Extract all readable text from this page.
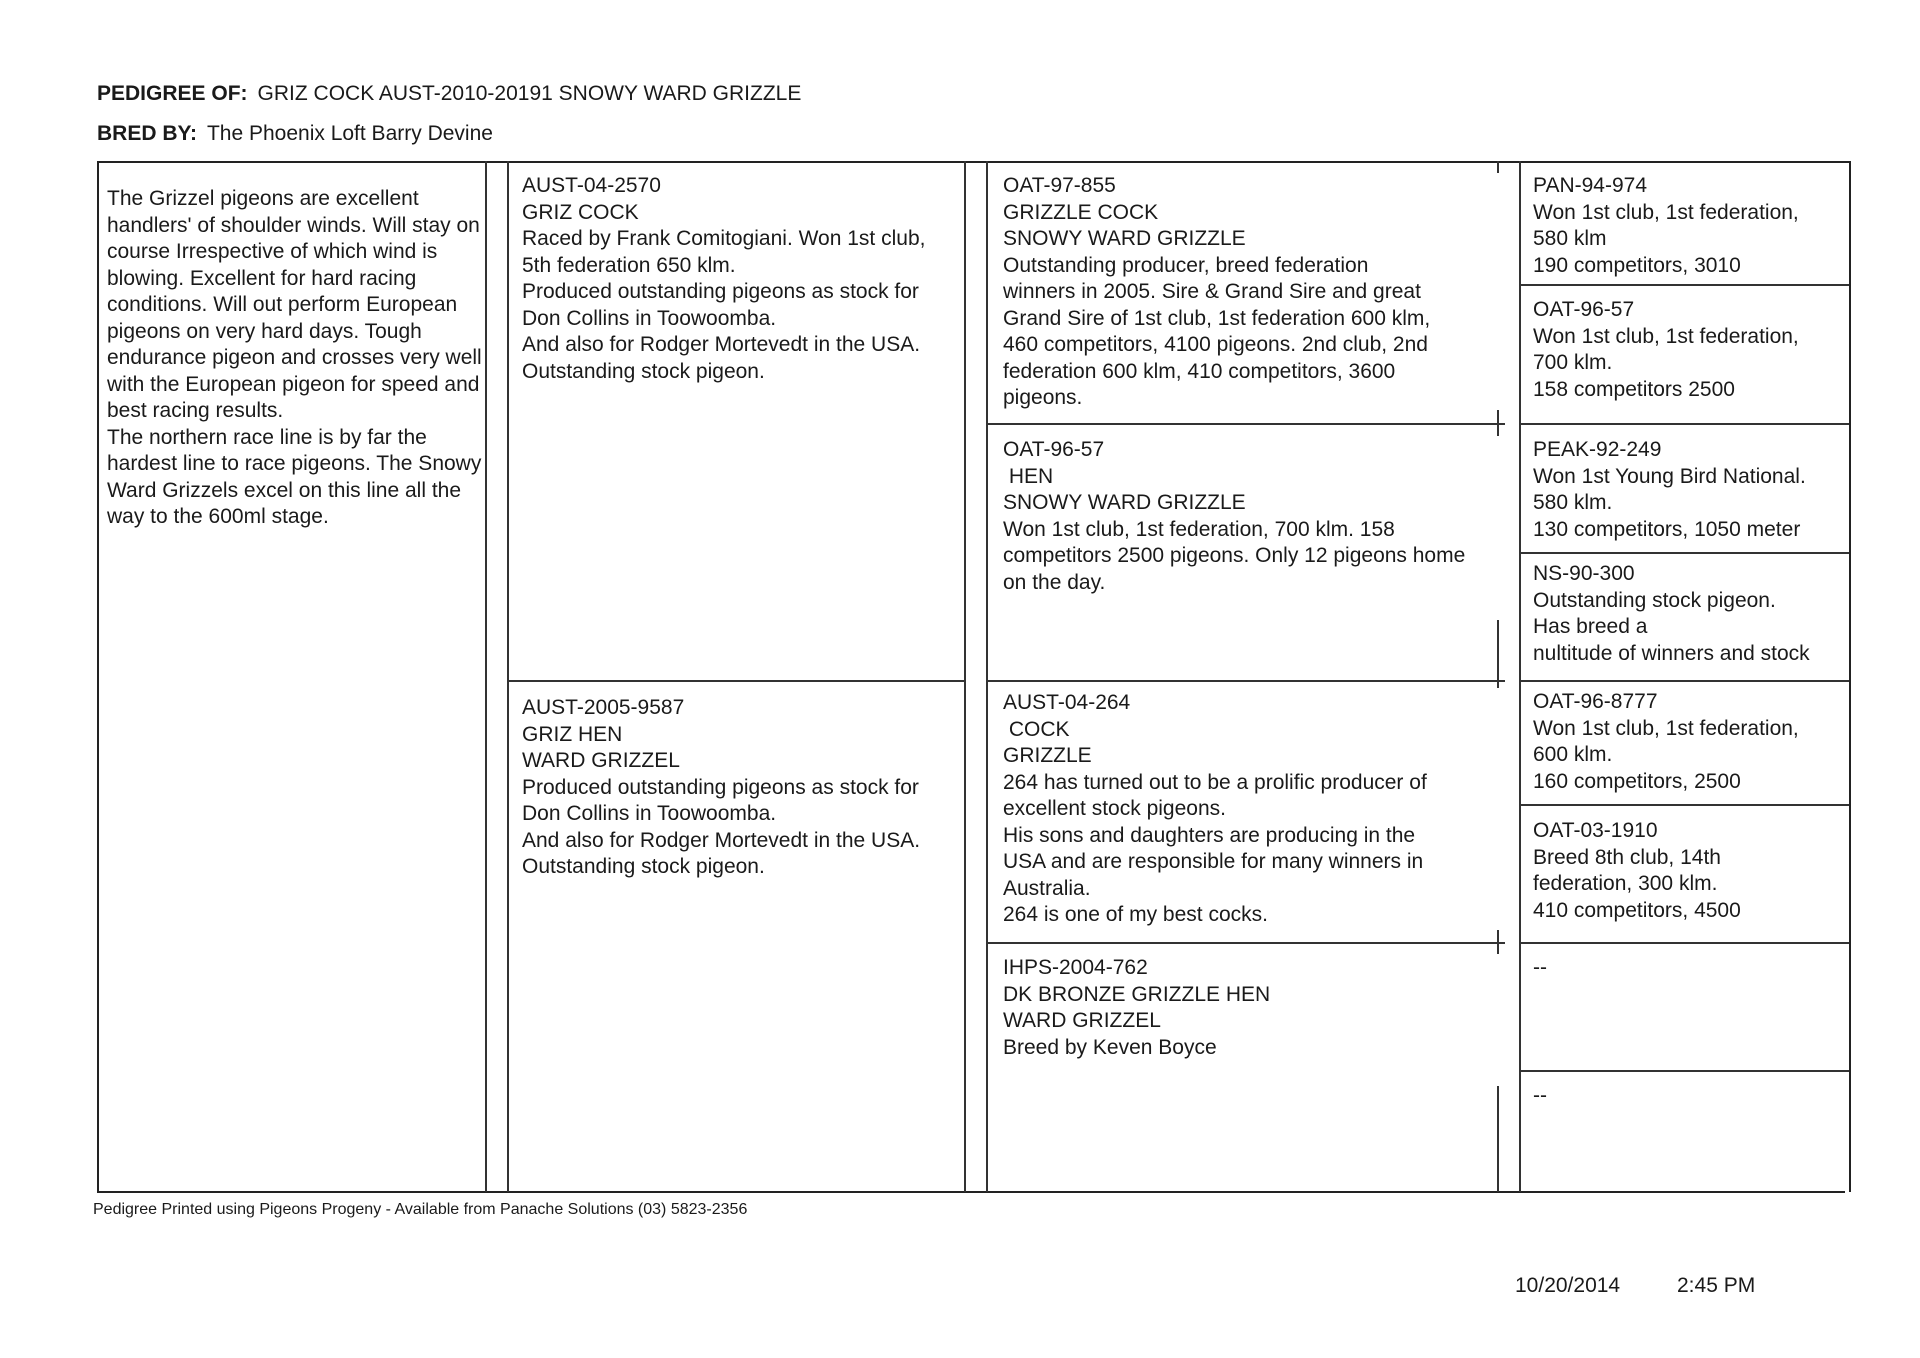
PEDIGREE OF: GRIZ COCK AUST-2010-20191 SNOWY WARD GRIZZLE
BRED BY: The Phoenix Loft Barry Devine
The Grizzel pigeons are excellent handlers' of shoulder winds. Will stay on course Irrespective of which wind is blowing. Excellent for hard racing conditions. Will out perform European pigeons on very hard days. Tough endurance pigeon and crosses very well with the European pigeon for speed and best racing results.
The northern race line is by far the hardest line to race pigeons. The Snowy Ward Grizzels excel on this line all the way to the 600ml stage.
AUST-04-2570
GRIZ COCK
Raced by Frank Comitogiani. Won 1st club,
5th federation 650 klm.
Produced outstanding pigeons as stock for
Don Collins in Toowoomba.
And also for Rodger Mortevedt in the USA.
Outstanding stock pigeon.
AUST-2005-9587
GRIZ HEN
WARD GRIZZEL
Produced outstanding pigeons as stock for
Don Collins in Toowoomba.
And also for Rodger Mortevedt in the USA.
Outstanding stock pigeon.
OAT-97-855
GRIZZLE COCK
SNOWY WARD GRIZZLE
Outstanding producer, breed federation winners in 2005. Sire & Grand Sire and great Grand Sire of 1st club, 1st federation 600 klm, 460 competitors, 4100 pigeons. 2nd club, 2nd federation 600 klm, 410 competitors, 3600 pigeons.
OAT-96-57
HEN
SNOWY WARD GRIZZLE
Won 1st club, 1st federation, 700 klm. 158 competitors 2500 pigeons. Only 12 pigeons home on the day.
AUST-04-264
COCK
GRIZZLE
264 has turned out to be a prolific producer of excellent stock pigeons.
His sons and daughters are producing in the USA and are responsible for many winners in Australia.
264 is one of my best cocks.
IHPS-2004-762
DK BRONZE GRIZZLE HEN
WARD GRIZZEL
Breed by Keven Boyce
PAN-94-974
Won 1st club, 1st federation,
580 klm
190 competitors, 3010
OAT-96-57
Won 1st club, 1st federation,
700 klm.
158 competitors 2500
PEAK-92-249
Won 1st Young Bird National.
580 klm.
130 competitors, 1050 meter
NS-90-300
Outstanding stock pigeon.
Has breed a
nultitude of winners and stock
OAT-96-8777
Won 1st club, 1st federation,
600 klm.
160 competitors, 2500
OAT-03-1910
Breed 8th club, 14th
federation, 300 klm.
410 competitors, 4500
--
--
Pedigree Printed using Pigeons Progeny - Available from Panache Solutions (03) 5823-2356
10/20/2014	2:45 PM
